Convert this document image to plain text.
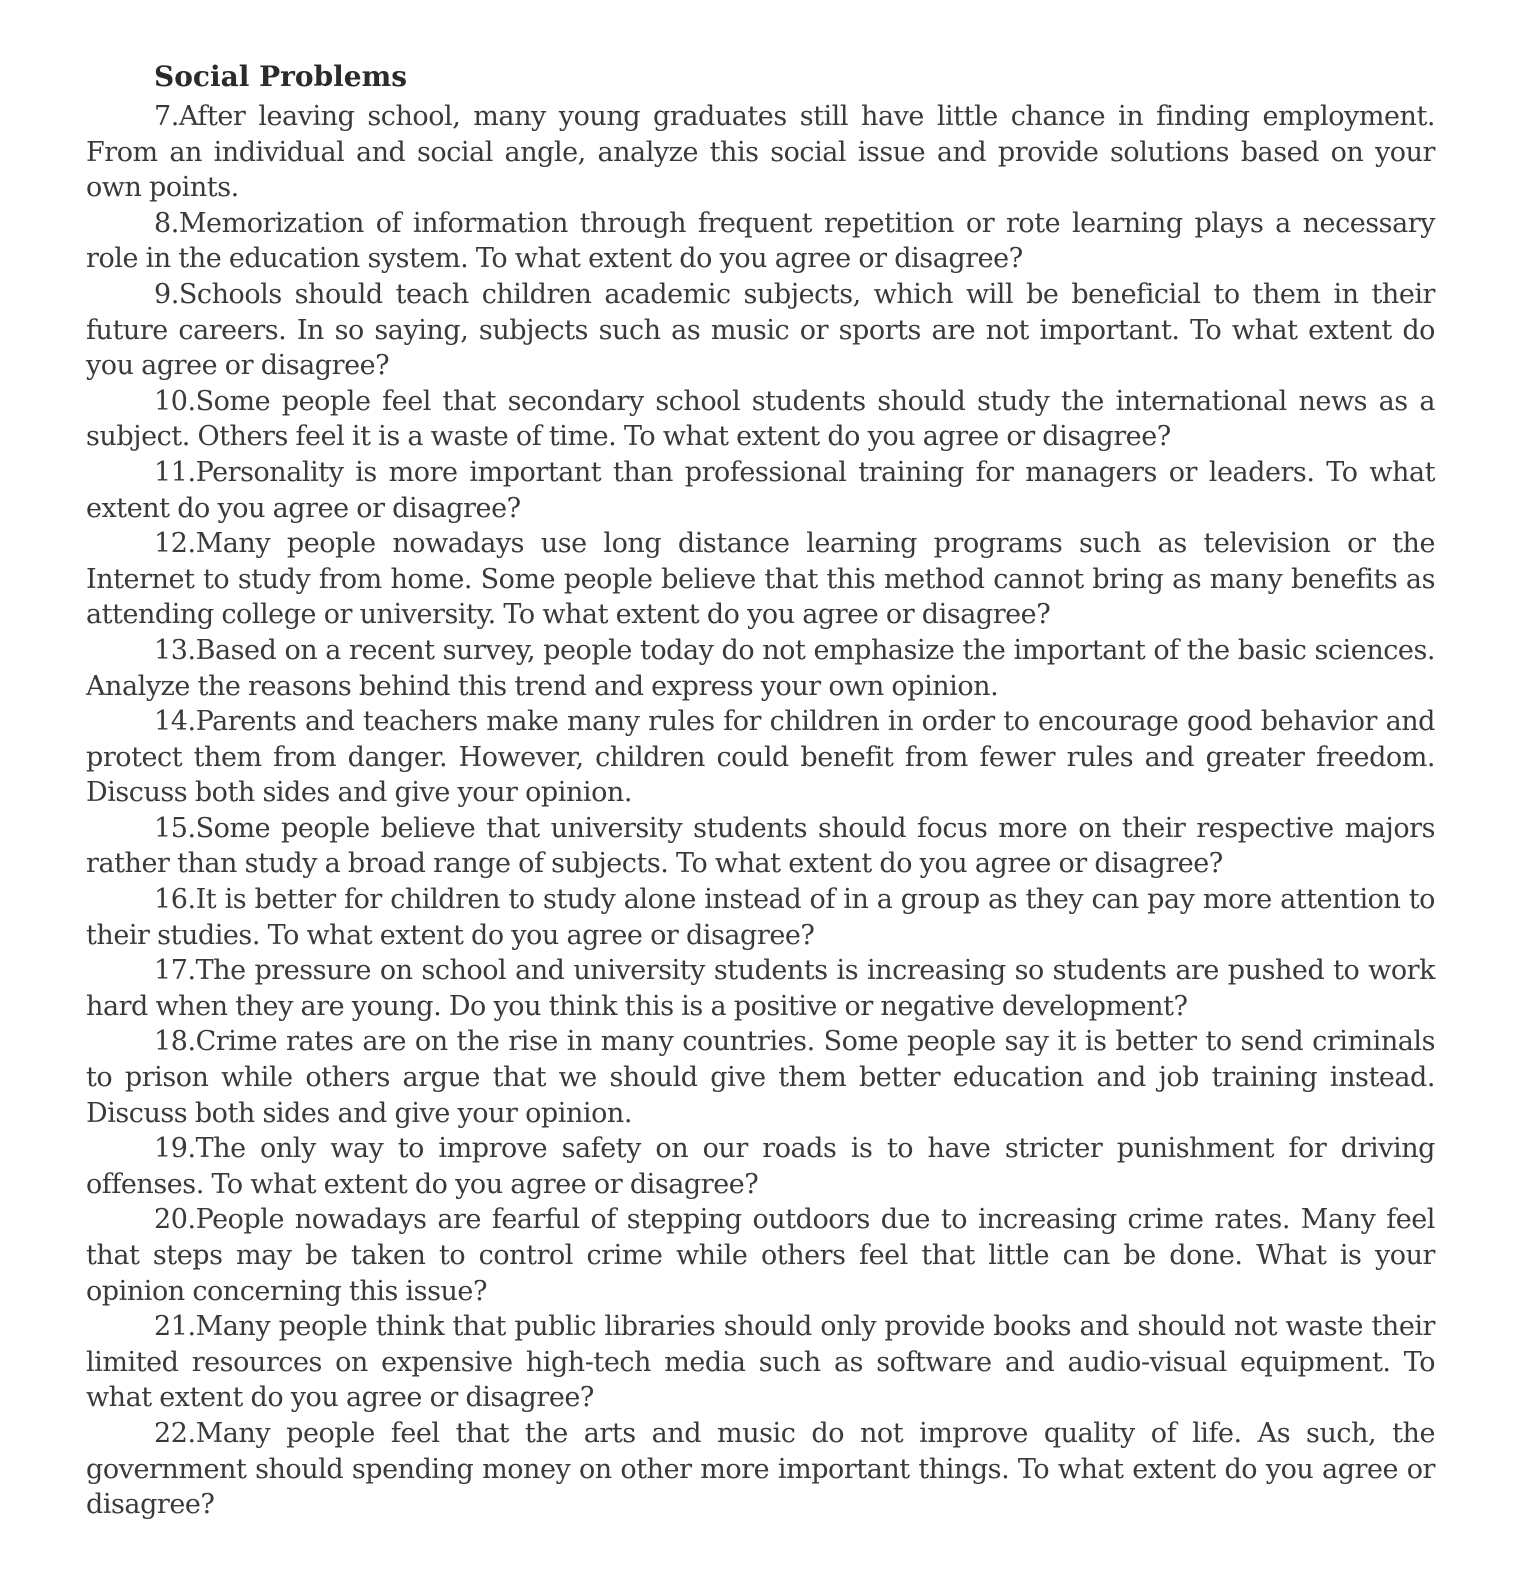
Social Problems
7.After leaving school, many young graduates still have little chance in finding employment. From an individual and social angle, analyze this social issue and provide solutions based on your own points.
8.Memorization of information through frequent repetition or rote learning plays a necessary role in the education system. To what extent do you agree or disagree?
9.Schools should teach children academic subjects, which will be beneficial to them in their future careers. In so saying, subjects such as music or sports are not important. To what extent do you agree or disagree?
10.Some people feel that secondary school students should study the international news as a subject. Others feel it is a waste of time. To what extent do you agree or disagree?
11.Personality is more important than professional training for managers or leaders. To what extent do you agree or disagree?
12.Many people nowadays use long distance learning programs such as television or the Internet to study from home. Some people believe that this method cannot bring as many benefits as attending college or university. To what extent do you agree or disagree?
13.Based on a recent survey, people today do not emphasize the important of the basic sciences. Analyze the reasons behind this trend and express your own opinion.
14.Parents and teachers make many rules for children in order to encourage good behavior and protect them from danger. However, children could benefit from fewer rules and greater freedom. Discuss both sides and give your opinion.
15.Some people believe that university students should focus more on their respective majors rather than study a broad range of subjects. To what extent do you agree or disagree?
16.It is better for children to study alone instead of in a group as they can pay more attention to their studies. To what extent do you agree or disagree?
17.The pressure on school and university students is increasing so students are pushed to work hard when they are young. Do you think this is a positive or negative development?
18.Crime rates are on the rise in many countries. Some people say it is better to send criminals to prison while others argue that we should give them better education and job training instead. Discuss both sides and give your opinion.
19.The only way to improve safety on our roads is to have stricter punishment for driving offenses. To what extent do you agree or disagree?
20.People nowadays are fearful of stepping outdoors due to increasing crime rates. Many feel that steps may be taken to control crime while others feel that little can be done. What is your opinion concerning this issue?
21.Many people think that public libraries should only provide books and should not waste their limited resources on expensive high-tech media such as software and audio-visual equipment. To what extent do you agree or disagree?
22.Many people feel that the arts and music do not improve quality of life. As such, the government should spending money on other more important things. To what extent do you agree or disagree?
